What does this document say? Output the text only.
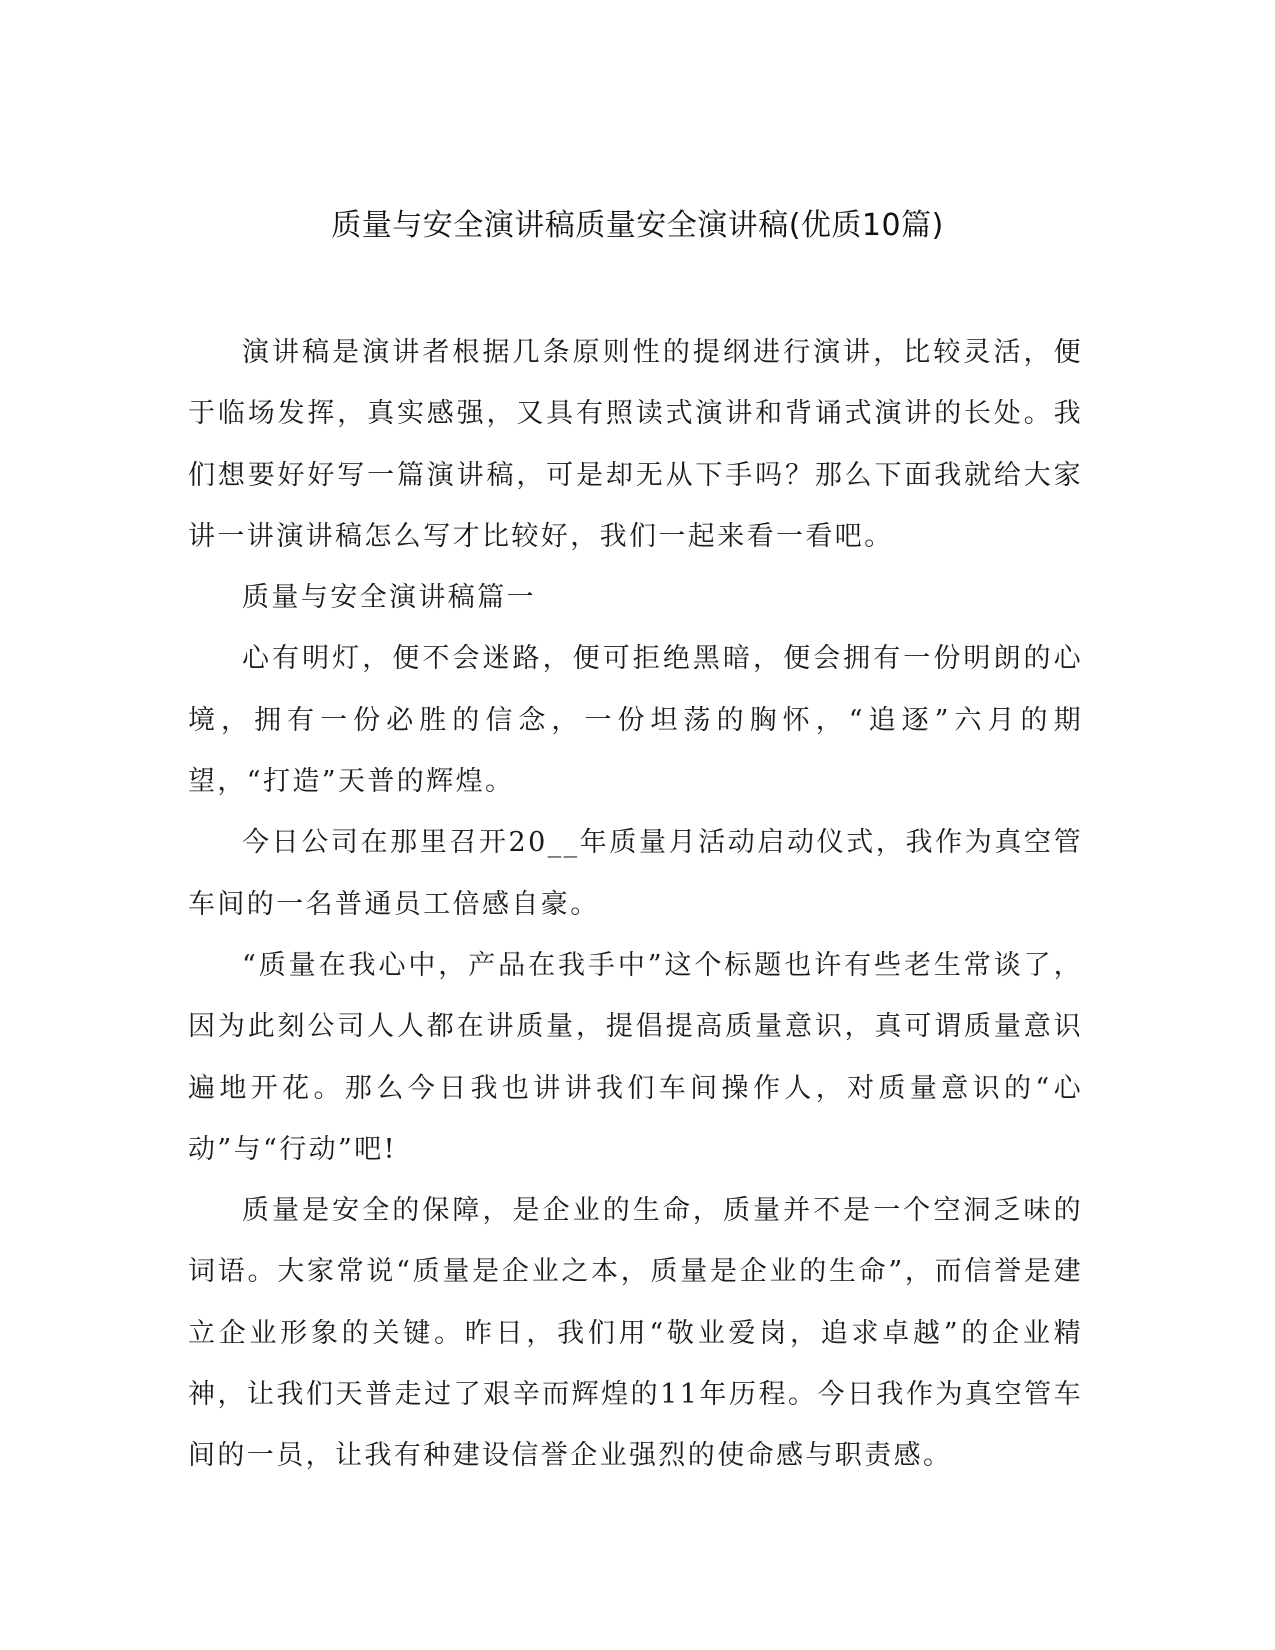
质量与安全演讲稿质量安全演讲稿(优质10篇)

演讲稿是演讲者根据几条原则性的提纲进行演讲，比较灵活，便于临场发挥，真实感强，又具有照读式演讲和背诵式演讲的长处。我们想要好好写一篇演讲稿，可是却无从下手吗？那么下面我就给大家讲一讲演讲稿怎么写才比较好，我们一起来看一看吧。

质量与安全演讲稿篇一

心有明灯，便不会迷路，便可拒绝黑暗，便会拥有一份明朗的心境，拥有一份必胜的信念，一份坦荡的胸怀，“追逐”六月的期望，“打造”天普的辉煌。

今日公司在那里召开20__年质量月活动启动仪式，我作为真空管车间的一名普通员工倍感自豪。

“质量在我心中，产品在我手中”这个标题也许有些老生常谈了，因为此刻公司人人都在讲质量，提倡提高质量意识，真可谓质量意识遍地开花。那么今日我也讲讲我们车间操作人，对质量意识的“心动”与“行动”吧!

质量是安全的保障，是企业的生命，质量并不是一个空洞乏味的词语。大家常说“质量是企业之本，质量是企业的生命”，而信誉是建立企业形象的关键。昨日，我们用“敬业爱岗，追求卓越”的企业精神，让我们天普走过了艰辛而辉煌的11年历程。今日我作为真空管车间的一员，让我有种建设信誉企业强烈的使命感与职责感。
